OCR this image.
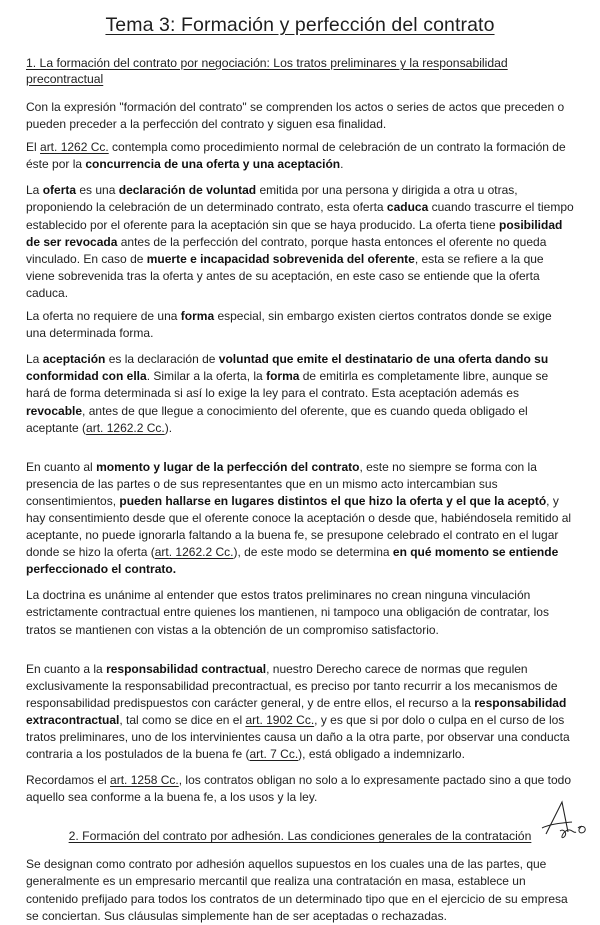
Tema 3: Formación y perfección del contrato
1. La formación del contrato por negociación: Los tratos preliminares y la responsabilidad precontractual

Con la expresión "formación del contrato" se comprenden los actos o series de actos que preceden o pueden preceder a la perfección del contrato y siguen esa finalidad.

El art. 1262 Cc. contempla como procedimiento normal de celebración de un contrato la formación de éste por la concurrencia de una oferta y una aceptación.

La oferta es una declaración de voluntad emitida por una persona y dirigida a otra u otras, proponiendo la celebración de un determinado contrato, esta oferta caduca cuando trascurre el tiempo establecido por el oferente para la aceptación sin que se haya producido. La oferta tiene posibilidad de ser revocada antes de la perfección del contrato, porque hasta entonces el oferente no queda vinculado. En caso de muerte e incapacidad sobrevenida del oferente, esta se refiere a la que viene sobrevenida tras la oferta y antes de su aceptación, en este caso se entiende que la oferta caduca.

La oferta no requiere de una forma especial, sin embargo existen ciertos contratos donde se exige una determinada forma.

La aceptación es la declaración de voluntad que emite el destinatario de una oferta dando su conformidad con ella. Similar a la oferta, la forma de emitirla es completamente libre, aunque se hará de forma determinada si así lo exige la ley para el contrato. Esta aceptación además es revocable, antes de que llegue a conocimiento del oferente, que es cuando queda obligado el aceptante (art. 1262.2 Cc.).

En cuanto al momento y lugar de la perfección del contrato, este no siempre se forma con la presencia de las partes o de sus representantes que en un mismo acto intercambian sus consentimientos, pueden hallarse en lugares distintos el que hizo la oferta y el que la aceptó, y hay consentimiento desde que el oferente conoce la aceptación o desde que, habiéndosela remitido al aceptante, no puede ignorarla faltando a la buena fe, se presupone celebrado el contrato en el lugar donde se hizo la oferta (art. 1262.2 Cc.), de este modo se determina en qué momento se entiende perfeccionado el contrato.

La doctrina es unánime al entender que estos tratos preliminares no crean ninguna vinculación estrictamente contractual entre quienes los mantienen, ni tampoco una obligación de contratar, los tratos se mantienen con vistas a la obtención de un compromiso satisfactorio.

En cuanto a la responsabilidad contractual, nuestro Derecho carece de normas que regulen exclusivamente la responsabilidad precontractual, es preciso por tanto recurrir a los mecanismos de responsabilidad predispuestos con carácter general, y de entre ellos, el recurso a la responsabilidad extracontractual, tal como se dice en el art. 1902 Cc., y es que si por dolo o culpa en el curso de los tratos preliminares, uno de los intervinientes causa un daño a la otra parte, por observar una conducta contraria a los postulados de la buena fe (art. 7 Cc.), está obligado a indemnizarlo.

Recordamos el art. 1258 Cc., los contratos obligan no solo a lo expresamente pactado sino a que todo aquello sea conforme a la buena fe, a los usos y la ley.

2. Formación del contrato por adhesión. Las condiciones generales de la contratación

Se designan como contrato por adhesión aquellos supuestos en los cuales una de las partes, que generalmente es un empresario mercantil que realiza una contratación en masa, establece un contenido prefijado para todos los contratos de un determinado tipo que en el ejercicio de su empresa se conciertan. Sus cláusulas simplemente han de ser aceptadas o rechazadas.
